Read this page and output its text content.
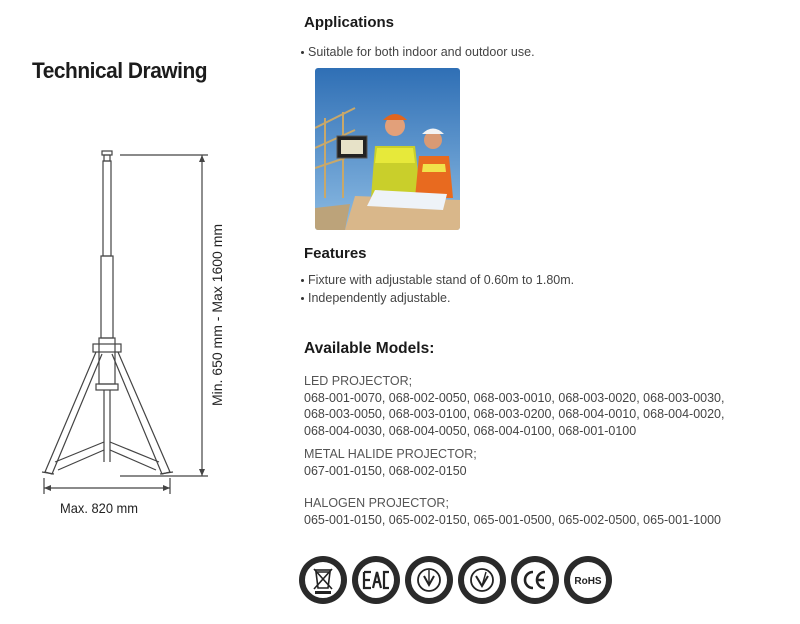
Technical Drawing
Min. 650 mm - Max 1600 mm
Max. 820 mm
Applications
Suitable for both indoor and outdoor use.
Features
Fixture with adjustable stand of 0.60m to 1.80m.
Independently adjustable.
Available Models:
LED PROJECTOR;
068-001-0070, 068-002-0050, 068-003-0010, 068-003-0020, 068-003-0030,
068-003-0050, 068-003-0100, 068-003-0200, 068-004-0010, 068-004-0020,
068-004-0030, 068-004-0050, 068-004-0100, 068-001-0100
METAL HALIDE PROJECTOR;
067-001-0150, 068-002-0150
HALOGEN PROJECTOR;
065-001-0150, 065-002-0150, 065-001-0500, 065-002-0500, 065-001-1000
RoHS
